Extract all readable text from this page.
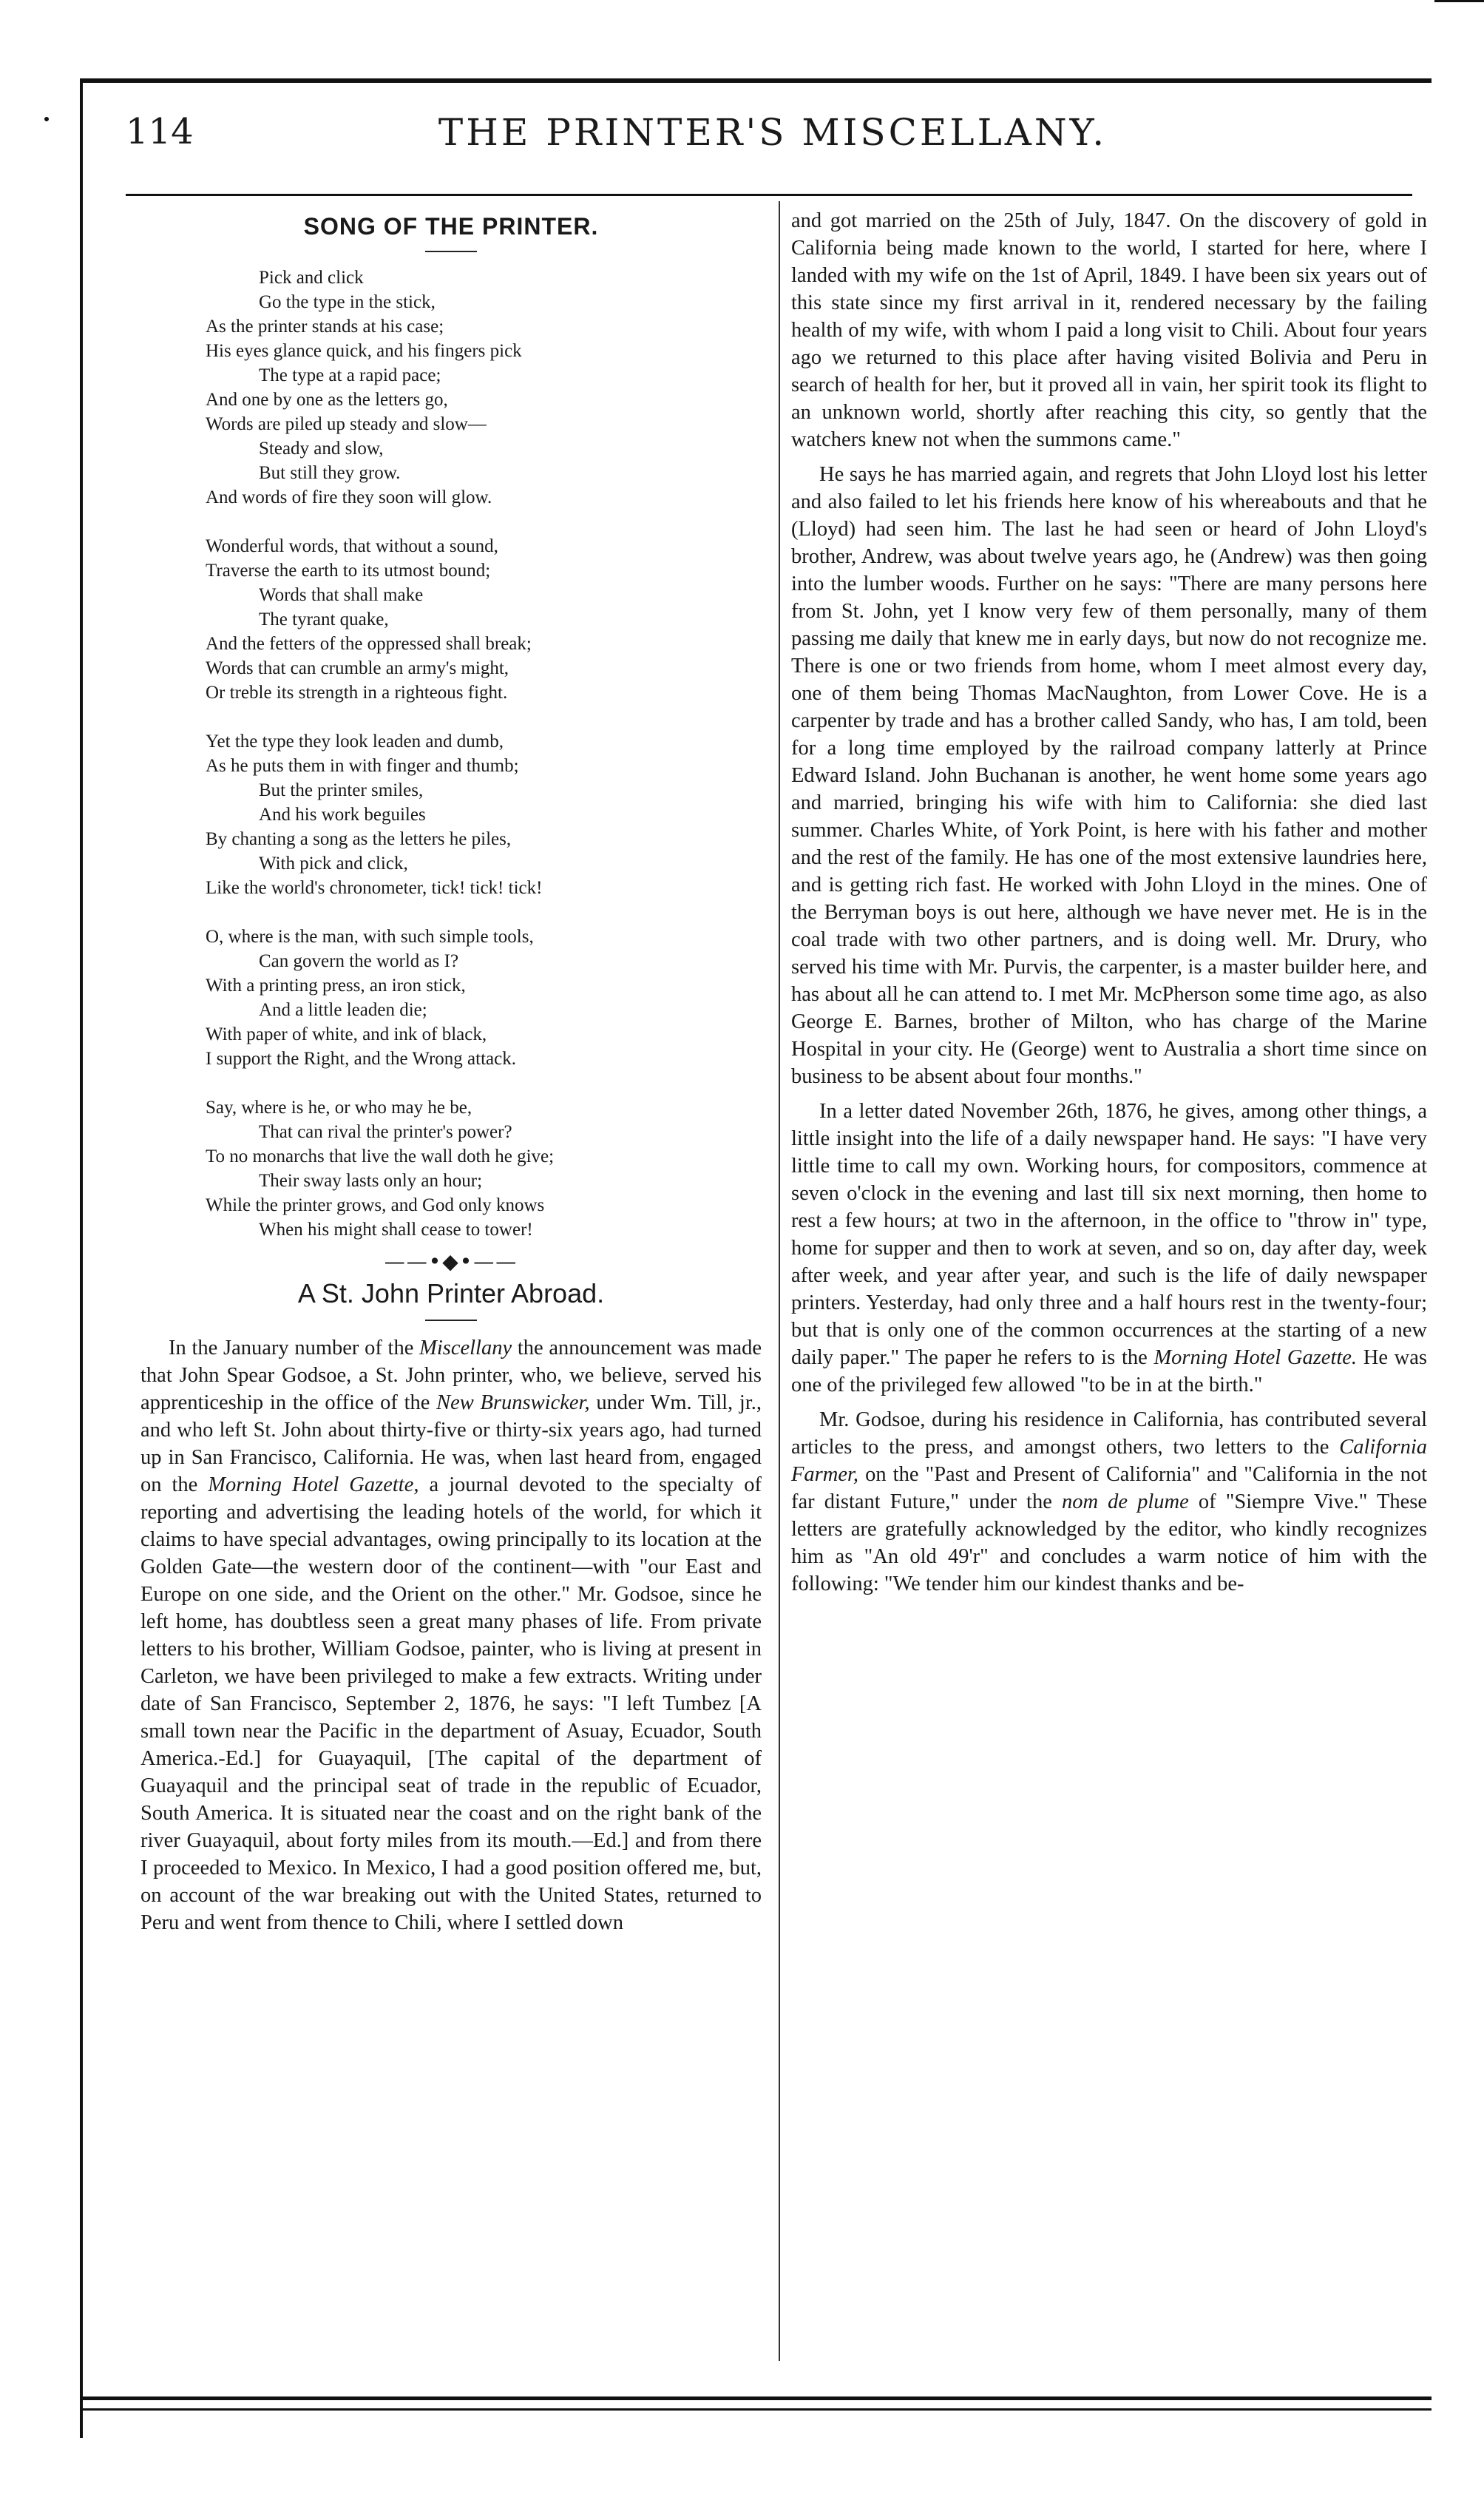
114	THE PRINTER'S MISCELLANY.
SONG OF THE PRINTER.
Pick and click
Go the type in the stick,
As the printer stands at his case;
His eyes glance quick, and his fingers pick
The type at a rapid pace;
And one by one as the letters go,
Words are piled up steady and slow—
Steady and slow,
But still they grow.
And words of fire they soon will glow.
Wonderful words, that without a sound,
Traverse the earth to its utmost bound;
Words that shall make
The tyrant quake,
And the fetters of the oppressed shall break;
Words that can crumble an army's might,
Or treble its strength in a righteous fight.
Yet the type they look leaden and dumb,
As he puts them in with finger and thumb;
But the printer smiles,
And his work beguiles
By chanting a song as the letters he piles,
With pick and click,
Like the world's chronometer, tick! tick! tick!
O, where is the man, with such simple tools,
Can govern the world as I?
With a printing press, an iron stick,
And a little leaden die;
With paper of white, and ink of black,
I support the Right, and the Wrong attack.
Say, where is he, or who may he be,
That can rival the printer's power?
To no monarchs that live the wall doth he give;
Their sway lasts only an hour;
While the printer grows, and God only knows
When his might shall cease to tower!
——•◆•——
A St. John Printer Abroad.

In the January number of the Miscellany the announcement was made that John Spear Godsoe, a St. John printer, who, we believe, served his apprenticeship in the office of the New Brunswicker, under Wm. Till, jr., and who left St. John about thirty-five or thirty-six years ago, had turned up in San Francisco, California. He was, when last heard from, engaged on the Morning Hotel Gazette, a journal devoted to the specialty of reporting and advertising the leading hotels of the world, for which it claims to have special advantages, owing principally to its location at the Golden Gate—the western door of the continent—with "our East and Europe on one side, and the Orient on the other." Mr. Godsoe, since he left home, has doubtless seen a great many phases of life. From private letters to his brother, William Godsoe, painter, who is living at present in Carleton, we have been privileged to make a few extracts. Writing under date of San Francisco, September 2, 1876, he says: "I left Tumbez [A small town near the Pacific in the department of Asuay, Ecuador, South America.-Ed.] for Guayaquil, [The capital of the department of Guayaquil and the principal seat of trade in the republic of Ecuador, South America. It is situated near the coast and on the right bank of the river Guayaquil, about forty miles from its mouth.—Ed.] and from there I proceeded to Mexico. In Mexico, I had a good position offered me, but, on account of the war breaking out with the United States, returned to Peru and went from thence to Chili, where I settled down

and got married on the 25th of July, 1847. On the discovery of gold in California being made known to the world, I started for here, where I landed with my wife on the 1st of April, 1849. I have been six years out of this state since my first arrival in it, rendered necessary by the failing health of my wife, with whom I paid a long visit to Chili. About four years ago we returned to this place after having visited Bolivia and Peru in search of health for her, but it proved all in vain, her spirit took its flight to an unknown world, shortly after reaching this city, so gently that the watchers knew not when the summons came."

He says he has married again, and regrets that John Lloyd lost his letter and also failed to let his friends here know of his whereabouts and that he (Lloyd) had seen him. The last he had seen or heard of John Lloyd's brother, Andrew, was about twelve years ago, he (Andrew) was then going into the lumber woods. Further on he says: "There are many persons here from St. John, yet I know very few of them personally, many of them passing me daily that knew me in early days, but now do not recognize me. There is one or two friends from home, whom I meet almost every day, one of them being Thomas MacNaughton, from Lower Cove. He is a carpenter by trade and has a brother called Sandy, who has, I am told, been for a long time employed by the railroad company latterly at Prince Edward Island. John Buchanan is another, he went home some years ago and married, bringing his wife with him to California: she died last summer. Charles White, of York Point, is here with his father and mother and the rest of the family. He has one of the most extensive laundries here, and is getting rich fast. He worked with John Lloyd in the mines. One of the Berryman boys is out here, although we have never met. He is in the coal trade with two other partners, and is doing well. Mr. Drury, who served his time with Mr. Purvis, the carpenter, is a master builder here, and has about all he can attend to. I met Mr. McPherson some time ago, as also George E. Barnes, brother of Milton, who has charge of the Marine Hospital in your city. He (George) went to Australia a short time since on business to be absent about four months."

In a letter dated November 26th, 1876, he gives, among other things, a little insight into the life of a daily newspaper hand. He says: "I have very little time to call my own. Working hours, for compositors, commence at seven o'clock in the evening and last till six next morning, then home to rest a few hours; at two in the afternoon, in the office to "throw in" type, home for supper and then to work at seven, and so on, day after day, week after week, and year after year, and such is the life of daily newspaper printers. Yesterday, had only three and a half hours rest in the twenty-four; but that is only one of the common occurrences at the starting of a new daily paper." The paper he refers to is the Morning Hotel Gazette. He was one of the privileged few allowed "to be in at the birth."

Mr. Godsoe, during his residence in California, has contributed several articles to the press, and amongst others, two letters to the California Farmer, on the "Past and Present of California" and "California in the not far distant Future," under the nom de plume of "Siempre Vive." These letters are gratefully acknowledged by the editor, who kindly recognizes him as "An old 49'r" and concludes a warm notice of him with the following: "We tender him our kindest thanks and be-
